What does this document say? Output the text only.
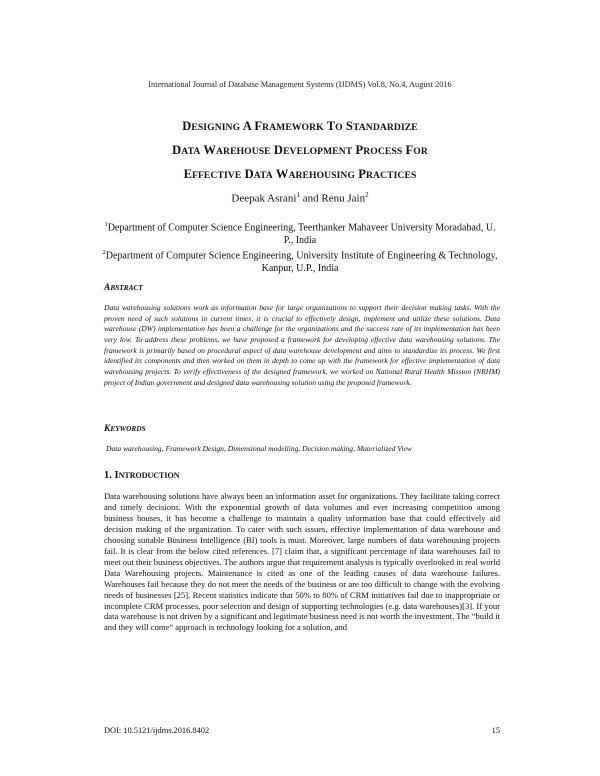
International Journal of Database Management Systems (IJDMS) Vol.8, No.4, August 2016
DESIGNING A FRAMEWORK TO STANDARDIZE
DATA WAREHOUSE DEVELOPMENT PROCESS FOR
EFFECTIVE DATA WAREHOUSING PRACTICES
Deepak Asrani$^1$ and Renu Jain$^2$
$^1$Department of Computer Science Engineering, Teerthanker Mahaveer University Moradabad, U. P., India
$^2$Department of Computer Science Engineering, University Institute of Engineering & Technology, Kanpur, U.P., India
ABSTRACT
Data warehousing solutions work as information base for large organizations to support their decision making tasks. With the proven need of such solutions in current times, it is crucial to effectively design, implement and utilize these solutions. Data warehouse (DW) implementation has been a challenge for the organizations and the success rate of its implementation has been very low. To address these problems, we have proposed a framework for developing effective data warehousing solutions. The framework is primarily based on procedural aspect of data warehouse development and aims to standardize its process. We first identified its components and then worked on them in depth to come up with the framework for effective implementation of data warehousing projects. To verify effectiveness of the designed framework, we worked on National Rural Health Mission (NRHM) project of Indian government and designed data warehousing solution using the proposed framework.
KEYWORDS
Data warehousing, Framework Design, Dimensional modelling, Decision making, Materialized View
1. INTRODUCTION
Data warehousing solutions have always been an information asset for organizations. They facilitate taking correct and timely decisions. With the exponential growth of data volumes and ever increasing competition among business houses, it has become a challenge to maintain a quality information base that could effectively aid decision making of the organization. To cater with such issues, effective implementation of data warehouse and choosing suitable Business Intelligence (BI) tools is must. Moreover, large numbers of data warehousing projects fail. It is clear from the below cited references. [7] claim that, a significant percentage of data warehouses fail to meet out their business objectives. The authors argue that requirement analysis is typically overlooked in real world Data Warehousing projects. Maintenance is cited as one of the leading causes of data warehouse failures. Warehouses fail because they do not meet the needs of the business or are too difficult to change with the evolving needs of businesses [25]. Recent statistics indicate that 50% to 80% of CRM initiatives fail due to inappropriate or incomplete CRM processes, poor selection and design of supporting technologies (e.g. data warehouses)[3]. If your data warehouse is not driven by a significant and legitimate business need is not worth the investment. The “build it and they will come” approach is technology looking for a solution, and
DOI: 10.5121/ijdms.2016.8402	15
